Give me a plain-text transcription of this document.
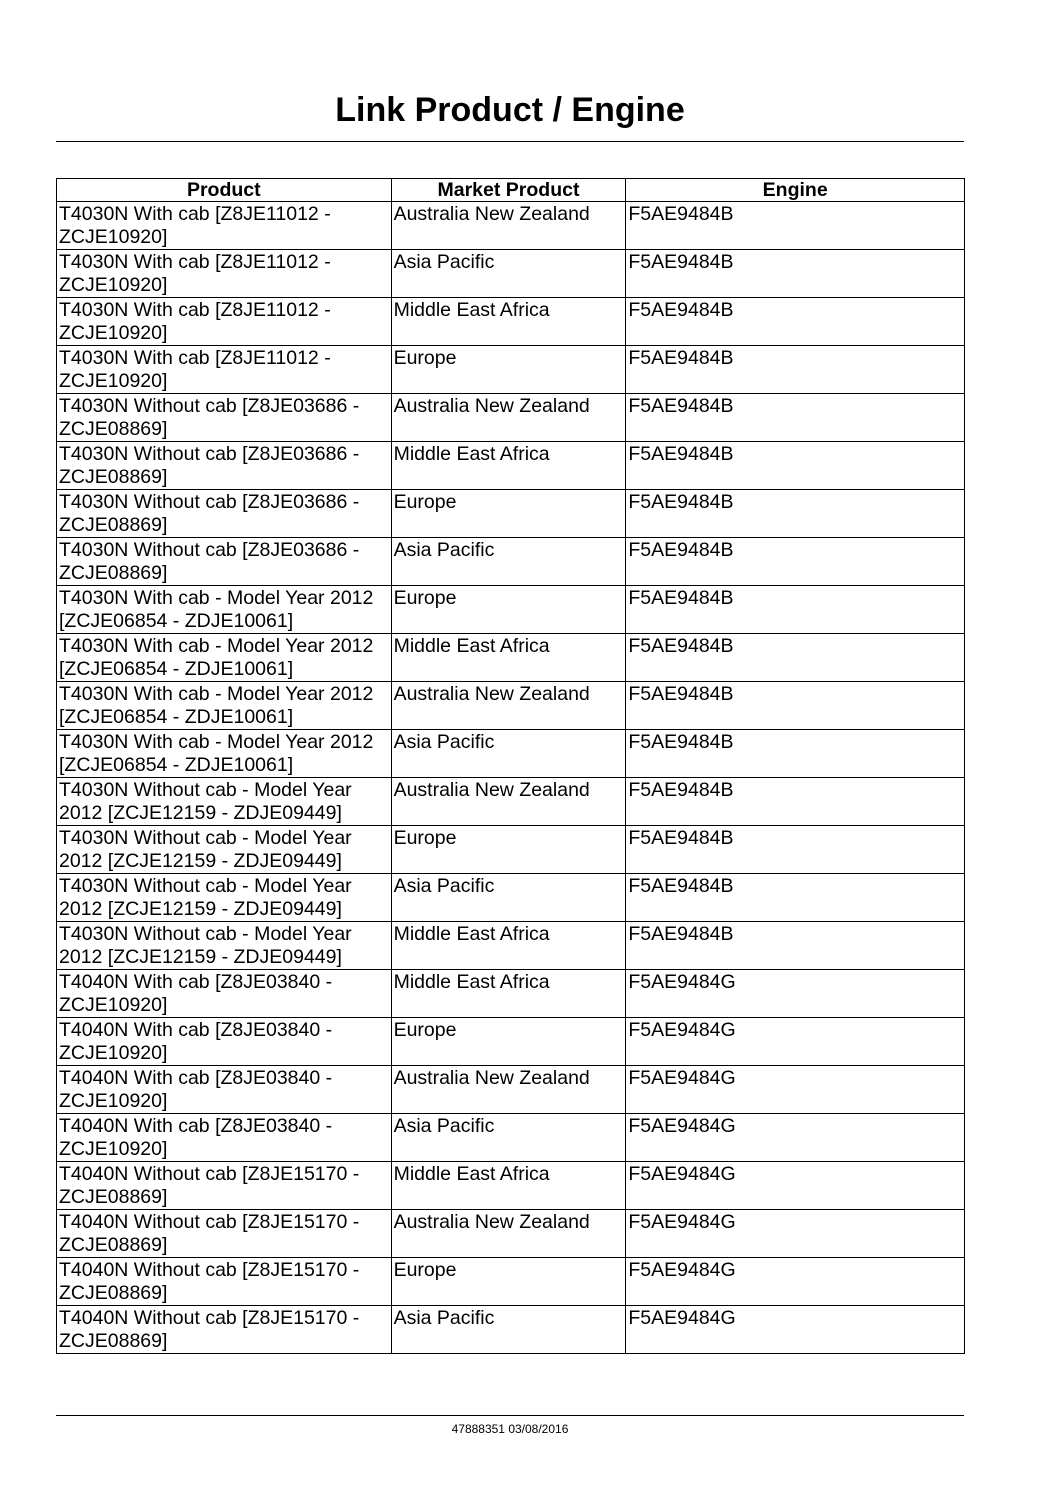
Link Product / Engine
Product	Market Product	Engine
T4030N With cab [Z8JE11012 - ZCJE10920]	Australia New Zealand	F5AE9484B
T4030N With cab [Z8JE11012 - ZCJE10920]	Asia Pacific	F5AE9484B
T4030N With cab [Z8JE11012 - ZCJE10920]	Middle East Africa	F5AE9484B
T4030N With cab [Z8JE11012 - ZCJE10920]	Europe	F5AE9484B
T4030N Without cab [Z8JE03686 - ZCJE08869]	Australia New Zealand	F5AE9484B
T4030N Without cab [Z8JE03686 - ZCJE08869]	Middle East Africa	F5AE9484B
T4030N Without cab [Z8JE03686 - ZCJE08869]	Europe	F5AE9484B
T4030N Without cab [Z8JE03686 - ZCJE08869]	Asia Pacific	F5AE9484B
T4030N With cab - Model Year 2012 [ZCJE06854 - ZDJE10061]	Europe	F5AE9484B
T4030N With cab - Model Year 2012 [ZCJE06854 - ZDJE10061]	Middle East Africa	F5AE9484B
T4030N With cab - Model Year 2012 [ZCJE06854 - ZDJE10061]	Australia New Zealand	F5AE9484B
T4030N With cab - Model Year 2012 [ZCJE06854 - ZDJE10061]	Asia Pacific	F5AE9484B
T4030N Without cab - Model Year 2012 [ZCJE12159 - ZDJE09449]	Australia New Zealand	F5AE9484B
T4030N Without cab - Model Year 2012 [ZCJE12159 - ZDJE09449]	Europe	F5AE9484B
T4030N Without cab - Model Year 2012 [ZCJE12159 - ZDJE09449]	Asia Pacific	F5AE9484B
T4030N Without cab - Model Year 2012 [ZCJE12159 - ZDJE09449]	Middle East Africa	F5AE9484B
T4040N With cab [Z8JE03840 - ZCJE10920]	Middle East Africa	F5AE9484G
T4040N With cab [Z8JE03840 - ZCJE10920]	Europe	F5AE9484G
T4040N With cab [Z8JE03840 - ZCJE10920]	Australia New Zealand	F5AE9484G
T4040N With cab [Z8JE03840 - ZCJE10920]	Asia Pacific	F5AE9484G
T4040N Without cab [Z8JE15170 - ZCJE08869]	Middle East Africa	F5AE9484G
T4040N Without cab [Z8JE15170 - ZCJE08869]	Australia New Zealand	F5AE9484G
T4040N Without cab [Z8JE15170 - ZCJE08869]	Europe	F5AE9484G
T4040N Without cab [Z8JE15170 - ZCJE08869]	Asia Pacific	F5AE9484G
47888351 03/08/2016
